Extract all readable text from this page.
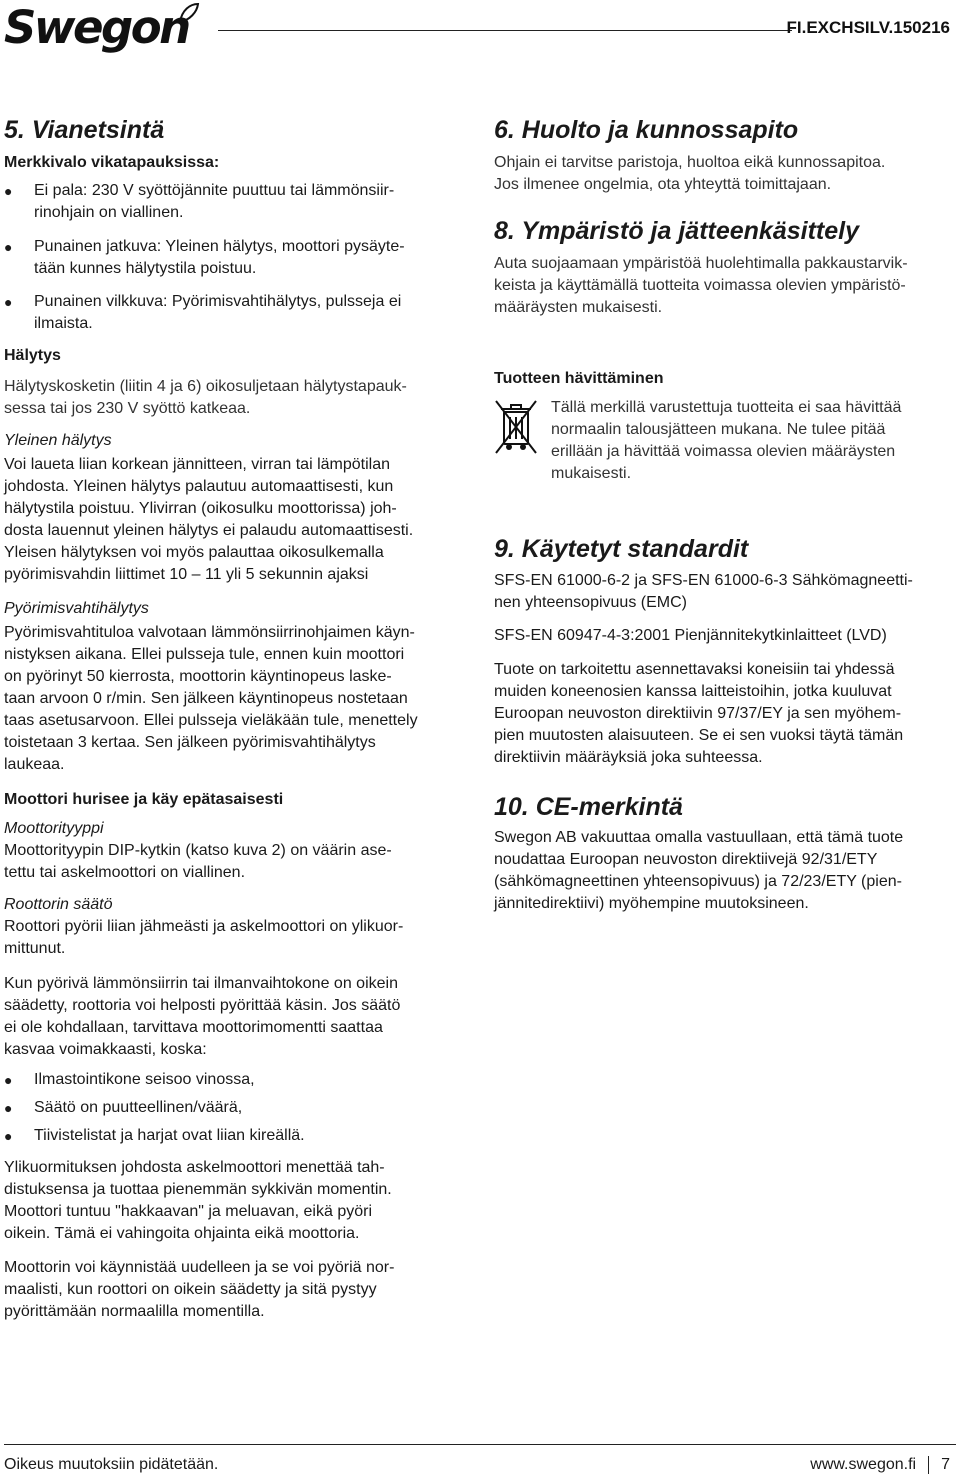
Swegon	FI.EXCHSILV.150216
5. Vianetsintä
Merkkivalo vikatapauksissa:
● Ei pala: 230 V syöttöjännite puuttuu tai lämmönsiir-
rinohjain on viallinen.
● Punainen jatkuva: Yleinen hälytys, moottori pysäyte-
tään kunnes hälytystila poistuu.
● Punainen vilkkuva: Pyörimisvahtihälytys, pulsseja ei
ilmaista.
Hälytys
Hälytyskosketin (liitin 4 ja 6) oikosuljetaan hälytystapauk-
sessa tai jos 230 V syöttö katkeaa.
Yleinen hälytys
Voi laueta liian korkean jännitteen, virran tai lämpötilan
johdosta. Yleinen hälytys palautuu automaattisesti, kun
hälytystila poistuu. Ylivirran (oikosulku moottorissa) joh-
dosta lauennut yleinen hälytys ei palaudu automaattisesti.
Yleisen hälytyksen voi myös palauttaa oikosulkemalla
pyörimisvahdin liittimet 10 – 11 yli 5 sekunnin ajaksi
Pyörimisvahtihälytys
Pyörimisvahtituloa valvotaan lämmönsiirrinohjaimen käyn-
nistyksen aikana. Ellei pulsseja tule, ennen kuin moottori
on pyörinyt 50 kierrosta, moottorin käyntinopeus laske-
taan arvoon 0 r/min. Sen jälkeen käyntinopeus nostetaan
taas asetusarvoon. Ellei pulsseja vieläkään tule, menettely
toistetaan 3 kertaa. Sen jälkeen pyörimisvahtihälytys
laukeaa.
Moottori hurisee ja käy epätasaisesti
Moottorityyppi
Moottorityypin DIP-kytkin (katso kuva 2) on väärin ase-
tettu tai askelmoottori on viallinen.
Roottorin säätö
Roottori pyörii liian jähmeästi ja askelmoottori on ylikuor-
mittunut.
Kun pyörivä lämmönsiirrin tai ilmanvaihtokone on oikein
säädetty, roottoria voi helposti pyörittää käsin. Jos säätö
ei ole kohdallaan, tarvittava moottorimomentti saattaa
kasvaa voimakkaasti, koska:
● Ilmastointikone seisoo vinossa,
● Säätö on puutteellinen/väärä,
● Tiivistelistat ja harjat ovat liian kireällä.
Ylikuormituksen johdosta askelmoottori menettää tah-
distuksensa ja tuottaa pienemmän sykkivän momentin.
Moottori tuntuu "hakkaavan" ja meluavan, eikä pyöri
oikein. Tämä ei vahingoita ohjainta eikä moottoria.
Moottorin voi käynnistää uudelleen ja se voi pyöriä nor-
maalisti, kun roottori on oikein säädetty ja sitä pystyy
pyörittämään normaalilla momentilla.
6. Huolto ja kunnossapito
Ohjain ei tarvitse paristoja, huoltoa eikä kunnossapitoa.
Jos ilmenee ongelmia, ota yhteyttä toimittajaan.
8. Ympäristö ja jätteenkäsittely
Auta suojaamaan ympäristöä huolehtimalla pakkaustarvik-
keista ja käyttämällä tuotteita voimassa olevien ympäristö-
määräysten mukaisesti.
Tuotteen hävittäminen
Tällä merkillä varustettuja tuotteita ei saa hävittää
normaalin talousjätteen mukana. Ne tulee pitää
erillään ja hävittää voimassa olevien määräysten
mukaisesti.
9. Käytetyt standardit
SFS-EN 61000-6-2 ja SFS-EN 61000-6-3 Sähkömagneetti-
nen yhteensopivuus (EMC)
SFS-EN 60947-4-3:2001 Pienjännitekytkinlaitteet (LVD)
Tuote on tarkoitettu asennettavaksi koneisiin tai yhdessä
muiden koneenosien kanssa laitteistoihin, jotka kuuluvat
Euroopan neuvoston direktiivin 97/37/EY ja sen myöhem-
pien muutosten alaisuuteen. Se ei sen vuoksi täytä tämän
direktiivin määräyksiä joka suhteessa.
10. CE-merkintä
Swegon AB vakuuttaa omalla vastuullaan, että tämä tuote
noudattaa Euroopan neuvoston direktiivejä 92/31/ETY
(sähkömagneettinen yhteensopivuus) ja 72/23/ETY (pien-
jännitedirektiivi) myöhempine muutoksineen.
Oikeus muutoksiin pidätetään.	www.swegon.fi 7
